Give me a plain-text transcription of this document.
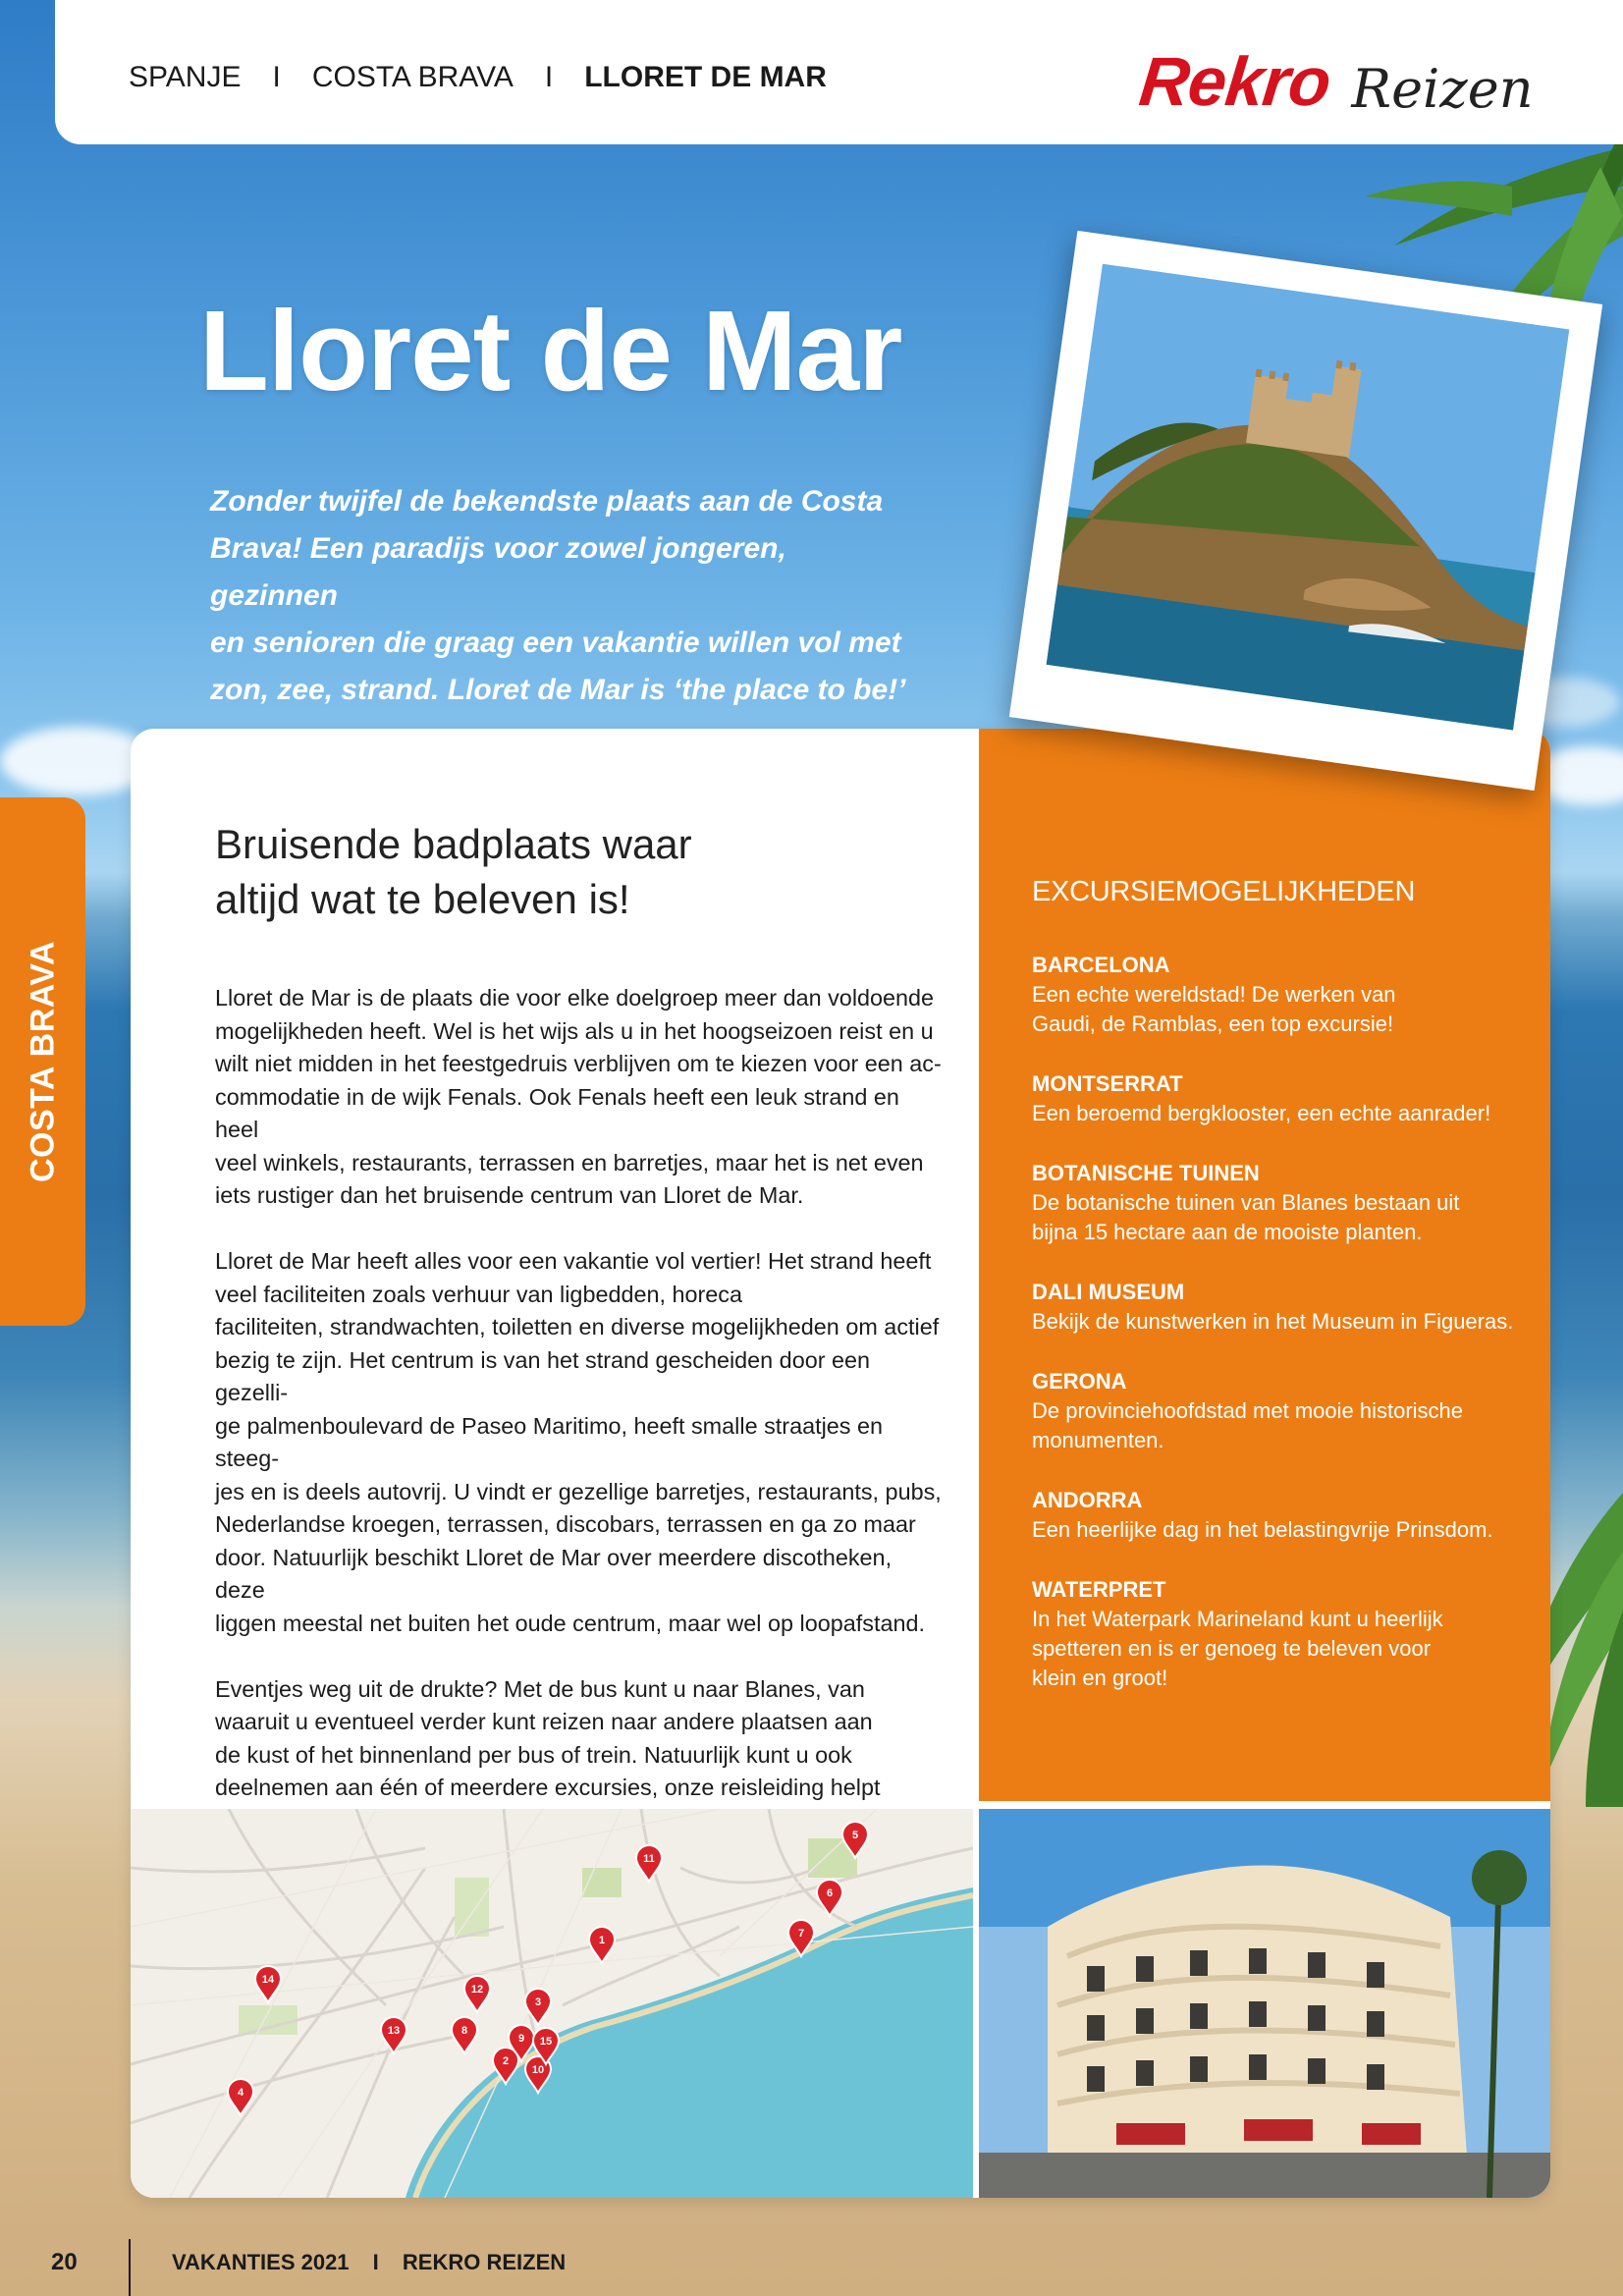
SPANJE I COSTA BRAVA I LLORET DE MAR	Rekro Reizen
Lloret de Mar
Zonder twijfel de bekendste plaats aan de Costa
Brava! Een paradijs voor zowel jongeren, gezinnen
en senioren die graag een vakantie willen vol met
zon, zee, strand. Lloret de Mar is ‘the place to be!’
Bruisende badplaats waar
altijd wat te beleven is!

Lloret de Mar is de plaats die voor elke doelgroep meer dan voldoende
mogelijkheden heeft. Wel is het wijs als u in het hoogseizoen reist en u
wilt niet midden in het feestgedruis verblijven om te kiezen voor een ac-
commodatie in de wijk Fenals. Ook Fenals heeft een leuk strand en heel
veel winkels, restaurants, terrassen en barretjes, maar het is net even
iets rustiger dan het bruisende centrum van Lloret de Mar.

Lloret de Mar heeft alles voor een vakantie vol vertier! Het strand heeft
veel faciliteiten zoals verhuur van ligbedden, horeca
faciliteiten, strandwachten, toiletten en diverse mogelijkheden om actief
bezig te zijn. Het centrum is van het strand gescheiden door een gezelli-
ge palmenboulevard de Paseo Maritimo, heeft smalle straatjes en steeg-
jes en is deels autovrij. U vindt er gezellige barretjes, restaurants, pubs,
Nederlandse kroegen, terrassen, discobars, terrassen en ga zo maar
door. Natuurlijk beschikt Lloret de Mar over meerdere discotheken, deze
liggen meestal net buiten het oude centrum, maar wel op loopafstand.

Eventjes weg uit de drukte? Met de bus kunt u naar Blanes, van
waaruit u eventueel verder kunt reizen naar andere plaatsen aan
de kust of het binnenland per bus of trein. Natuurlijk kunt u ook
deelnemen aan één of meerdere excursies, onze reisleiding helpt

EXCURSIEMOGELIJKHEDEN
BARCELONA
Een echte wereldstad! De werken van
Gaudi, de Ramblas, een top excursie!
MONTSERRAT
Een beroemd bergklooster, een echte aanrader!
BOTANISCHE TUINEN
De botanische tuinen van Blanes bestaan uit
bijna 15 hectare aan de mooiste planten.
DALI MUSEUM
Bekijk de kunstwerken in het Museum in Figueras.
GERONA
De provinciehoofdstad met mooie historische
monumenten.
ANDORRA
Een heerlijke dag in het belastingvrije Prinsdom.
WATERPRET
In het Waterpark Marineland kunt u heerlijk
spetteren en is er genoeg te beleven voor
klein en groot!
1
2
3
4
5
6
7
8
9
10
11
12
13
14
15
COSTA BRAVA
20	VAKANTIES 2021 I REKRO REIZEN
